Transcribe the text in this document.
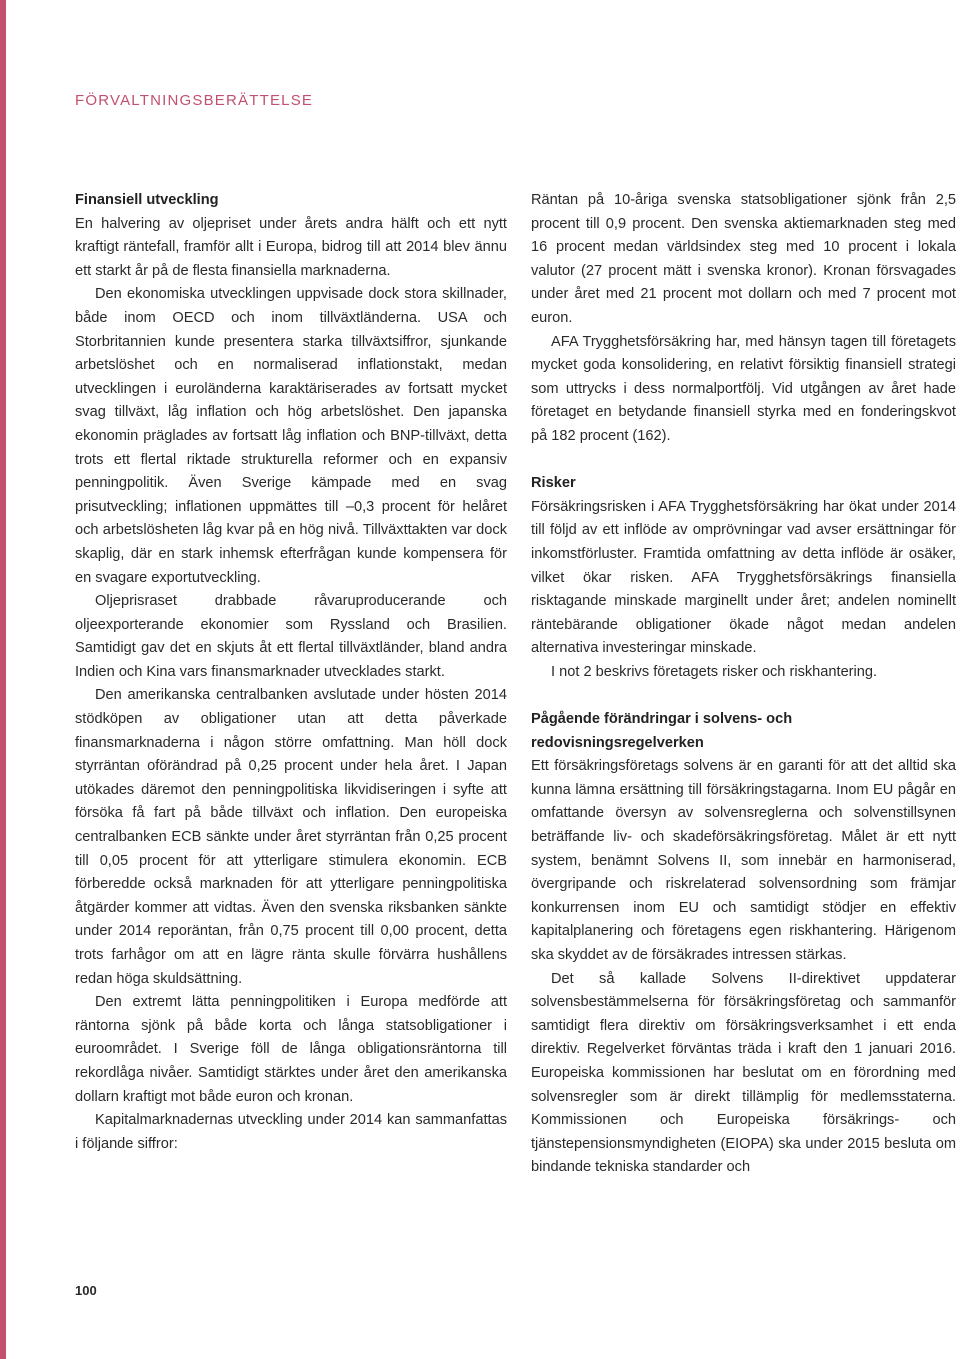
FÖRVALTNINGSBERÄTTELSE
Finansiell utveckling

En halvering av oljepriset under årets andra hälft och ett nytt kraftigt räntefall, framför allt i Europa, bidrog till att 2014 blev ännu ett starkt år på de flesta finansiella marknaderna.

Den ekonomiska utvecklingen uppvisade dock stora skillnader, både inom OECD och inom tillväxtländerna. USA och Storbritannien kunde presentera starka tillväxtsiffror, sjunkande arbetslöshet och en normaliserad inflationstakt, medan utvecklingen i euroländerna karaktäriserades av fortsatt mycket svag tillväxt, låg inflation och hög arbetslöshet. Den japanska ekonomin präglades av fortsatt låg inflation och BNP-tillväxt, detta trots ett flertal riktade strukturella reformer och en expansiv penningpolitik. Även Sverige kämpade med en svag prisutveckling; inflationen uppmättes till –0,3 procent för helåret och arbetslösheten låg kvar på en hög nivå. Tillväxttakten var dock skaplig, där en stark inhemsk efterfrågan kunde kompensera för en svagare exportutveckling.

Oljeprisraset drabbade råvaruproducerande och oljeexporterande ekonomier som Ryssland och Brasilien. Samtidigt gav det en skjuts åt ett flertal tillväxtländer, bland andra Indien och Kina vars finansmarknader utvecklades starkt.

Den amerikanska centralbanken avslutade under hösten 2014 stödköpen av obligationer utan att detta påverkade finansmarknaderna i någon större omfattning. Man höll dock styrräntan oförändrad på 0,25 procent under hela året. I Japan utökades däremot den penningpolitiska likvidiseringen i syfte att försöka få fart på både tillväxt och inflation. Den europeiska centralbanken ECB sänkte under året styrräntan från 0,25 procent till 0,05 procent för att ytterligare stimulera ekonomin. ECB förberedde också marknaden för att ytterligare penningpolitiska åtgärder kommer att vidtas. Även den svenska riksbanken sänkte under 2014 reporäntan, från 0,75 procent till 0,00 procent, detta trots farhågor om att en lägre ränta skulle förvärra hushållens redan höga skuldsättning.

Den extremt lätta penningpolitiken i Europa medförde att räntorna sjönk på både korta och långa statsobligationer i euroområdet. I Sverige föll de långa obligationsräntorna till rekordlåga nivåer. Samtidigt stärktes under året den amerikanska dollarn kraftigt mot både euron och kronan.

Kapitalmarknadernas utveckling under 2014 kan sammanfattas i följande siffror:

Räntan på 10-åriga svenska statsobligationer sjönk från 2,5 procent till 0,9 procent. Den svenska aktiemarknaden steg med 16 procent medan världsindex steg med 10 procent i lokala valutor (27 procent mätt i svenska kronor). Kronan försvagades under året med 21 procent mot dollarn och med 7 procent mot euron.

AFA Trygghetsförsäkring har, med hänsyn tagen till företagets mycket goda konsolidering, en relativt försiktig finansiell strategi som uttrycks i dess normalportfölj. Vid utgången av året hade företaget en betydande finansiell styrka med en fonderingskvot på 182 procent (162).

Risker

Försäkringsrisken i AFA Trygghetsförsäkring har ökat under 2014 till följd av ett inflöde av omprövningar vad avser ersättningar för inkomstförluster. Framtida omfattning av detta inflöde är osäker, vilket ökar risken. AFA Trygghetsförsäkrings finansiella risktagande minskade marginellt under året; andelen nominellt räntebärande obligationer ökade något medan andelen alternativa investeringar minskade.

I not 2 beskrivs företagets risker och riskhantering.

Pågående förändringar i solvens- och redovisningsregelverken

Ett försäkringsföretags solvens är en garanti för att det alltid ska kunna lämna ersättning till försäkringstagarna. Inom EU pågår en omfattande översyn av solvensreglerna och solvenstillsynen beträffande liv- och skadeförsäkringsföretag. Målet är ett nytt system, benämnt Solvens II, som innebär en harmoniserad, övergripande och riskrelaterad solvensordning som främjar konkurrensen inom EU och samtidigt stödjer en effektiv kapitalplanering och företagens egen riskhantering. Härigenom ska skyddet av de försäkrades intressen stärkas.

Det så kallade Solvens II-direktivet uppdaterar solvensbestämmelserna för försäkringsföretag och sammanför samtidigt flera direktiv om försäkringsverksamhet i ett enda direktiv. Regelverket förväntas träda i kraft den 1 januari 2016. Europeiska kommissionen har beslutat om en förordning med solvensregler som är direkt tillämplig för medlemsstaterna. Kommissionen och Europeiska försäkrings- och tjänstepensionsmyndigheten (EIOPA) ska under 2015 besluta om bindande tekniska standarder och

100
